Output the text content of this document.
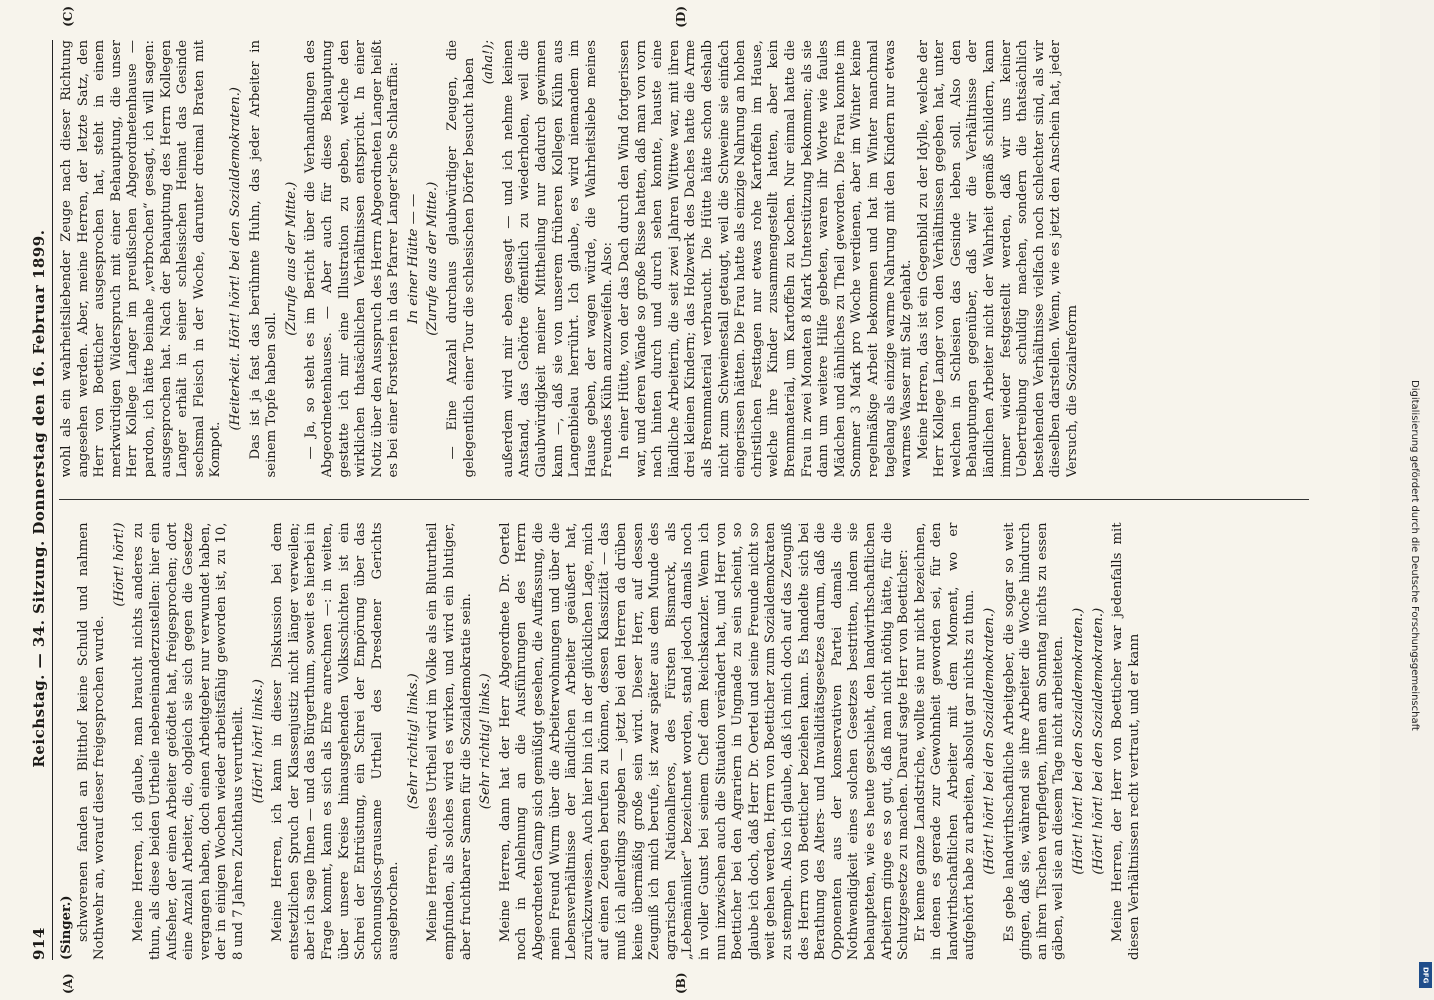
914
Reichstag. — 34. Sitzung. Donnerstag den 16. Februar 1899.
(A)	(B)
(C)	(D)

(Singer.) schworenen fanden an Blitthof keine Schuld und nahmen Nothwehr an, worauf dieser freigesprochen wurde.

(Hört! hört!) Meine Herren, ich glaube, man braucht nichts anderes zu thun, als diese beiden Urtheile nebeneinanderzustellen: hier ein Aufseher, der einen Arbeiter getödtet hat, freigesprochen; dort eine Anzahl Arbeiter, die, obgleich sie sich gegen die Gesetze vergangen haben, doch einen Arbeitgeber nur verwundet haben, der in einigen Wochen wieder arbeitsfähig geworden ist, zu 10, 8 und 7 Jahren Zuchthaus verurtheilt. (Hört! hört! links.) Meine Herren, ich kann in dieser Diskussion bei dem entsetzlichen Spruch der Klassenjustiz nicht länger verweilen; aber ich sage Ihnen — und das Bürgerthum, soweit es hierbei in Frage kommt, kann es sich als Ehre anrechnen —: in weiten, über unsere Kreise hinausgehenden Volksschichten ist ein Schrei der Entrüstung, ein Schrei der Empörung über das schonungslos-grausame Urtheil des Dresdener Gerichts ausgebrochen.

(Sehr richtig! links.) Meine Herren, dieses Urtheil wird im Volke als ein Bluturtheil empfunden, als solches wird es wirken, und wird ein blutiger, aber fruchtbarer Samen für die Sozialdemokratie sein. (Sehr richtig! links.) Meine Herren, dann hat der Herr Abgeordnete Dr. Oertel noch in Anlehnung an die Ausführungen des Herrn Abgeordneten Gamp sich gemüßigt gesehen, die Auffassung, die mein Freund Wurm über die Arbeiterwohnungen und über die Lebensverhältnisse der ländlichen Arbeiter geäußert hat, zurückzuweisen. Auch hier bin ich in der glücklichen Lage, mich auf einen Zeugen berufen zu können, dessen Klassizität — das muß ich allerdings zugeben — jetzt bei den Herren da drüben keine übermäßig große sein wird. Dieser Herr, auf dessen Zeugniß ich mich berufe, ist zwar später aus dem Munde des agrarischen Nationalheros, des Fürsten Bismarck, als „Lebemänniker“ bezeichnet worden, stand jedoch damals noch in voller Gunst bei seinem Chef dem Reichskanzler. Wenn ich nun inzwischen auch die Situation verändert hat, und Herr von Boetticher bei den Agrariern in Ungnade zu sein scheint, so glaube ich doch, daß Herr Dr. Oertel und seine Freunde nicht so weit gehen werden, Herrn von Boetticher zum Sozialdemokraten zu stempeln. Also ich glaube, daß ich mich doch auf das Zeugniß des Herrn von Boetticher beziehen kann. Es handelte sich bei Berathung des Alters- und Invaliditätsgesetzes darum, daß die Opponenten aus der konservativen Partei damals die Nothwendigkeit eines solchen Gesetzes bestritten, indem sie behaupteten, wie es heute geschieht, den landwirthschaftlichen Arbeitern ginge es so gut, daß man nicht nöthig hätte, für die Schutzgesetze zu machen. Darauf sagte Herr von Boetticher: Er kenne ganze Landstriche, wollte sie nur nicht bezeichnen, in denen es gerade zur Gewohnheit geworden sei, für den landwirthschaftlichen Arbeiter mit dem Moment, wo er aufgehört habe zu arbeiten, absolut gar nichts zu thun. (Hört! hört! bei den Sozialdemokraten.) Es gebe landwirthschaftliche Arbeitgeber, die sogar so weit gingen, daß sie, während sie ihre Arbeiter die Woche hindurch an ihren Tischen verpflegten, ihnen am Sonntag nichts zu essen gäben, weil sie an diesem Tage nicht arbeiteten. (Hört! hört! bei den Sozialdemokraten.) (Hört! hört! bei den Sozialdemokraten.) Meine Herren, der Herr von Boetticher war jedenfalls mit diesen Verhältnissen recht vertraut, und er kann

wohl als ein wahrheitsliebender Zeuge nach dieser Richtung angesehen werden. Aber, meine Herren, der letzte Satz, den Herr von Boetticher ausgesprochen hat, steht in einem merkwürdigen Widerspruch mit einer Behauptung, die unser Herr Kollege Langer im preußischen Abgeordnetenhause — pardon, ich hätte beinahe „verbrochen“ gesagt, ich will sagen: ausgesprochen hat. Nach der Behauptung des Herrn Kollegen Langer erhält in seiner schlesischen Heimat das Gesinde sechsmal Fleisch in der Woche, darunter dreimal Braten mit Kompot.

(Heiterkeit. Hört! hört! bei den Sozialdemokraten.) Das ist ja fast das berühmte Huhn, das jeder Arbeiter in seinem Topfe haben soll.

(Zurufe aus der Mitte.) — Ja, so steht es im Bericht über die Verhandlungen des Abgeordnetenhauses. — Aber auch für diese Behauptung gestatte ich mir eine Illustration zu geben, welche den wirklichen thatsächlichen Verhältnissen entspricht. In einer Notiz über den Ausspruch des Herrn Abgeordneten Langer heißt es bei einer Forsterien in das Pfarrer Langer'sche Schlaraffia: In einer Hütte — — (Zurufe aus der Mitte.) — Eine Anzahl durchaus glaubwürdiger Zeugen, die gelegentlich einer Tour die schlesischen Dörfer besucht haben (aha!); außerdem wird mir eben gesagt — und ich nehme keinen Anstand, das Gehörte öffentlich zu wiederholen, weil die Glaubwürdigkeit meiner Mittheilung nur dadurch gewinnen kann —, daß sie von unserem früheren Kollegen Kühn aus Langenbielau herrührt. Ich glaube, es wird niemandem im Hause geben, der wagen würde, die Wahrheitsliebe meines Freundes Kühn anzuzweifeln. Also: In einer Hütte, von der das Dach durch den Wind fortgerissen war, und deren Wände so große Risse hatten, daß man von vorn nach hinten durch und durch sehen konnte, hauste eine ländliche Arbeiterin, die seit zwei Jahren Wittwe war, mit ihren drei kleinen Kindern; das Holzwerk des Daches hatte die Arme als Brennmaterial verbraucht. Die Hütte hätte schon deshalb nicht zum Schweinestall getaugt, weil die Schweine sie einfach eingerissen hätten. Die Frau hatte als einzige Nahrung an hohen christlichen Festtagen nur etwas rohe Kartoffeln im Hause, welche ihre Kinder zusammengestellt hatten, aber kein Brennmaterial, um Kartoffeln zu kochen. Nur einmal hatte die Frau in zwei Monaten 8 Mark Unterstützung bekommen; als sie dann um weitere Hilfe gebeten, waren ihr Worte wie faules Mädchen und ähnliches zu Theil geworden. Die Frau konnte im Sommer 3 Mark pro Woche verdienen, aber im Winter keine regelmäßige Arbeit bekommen und hat im Winter manchmal tagelang als einzige warme Nahrung mit den Kindern nur etwas warmes Wasser mit Salz gehabt. Meine Herren, das ist ein Gegenbild zu der Idylle, welche der Herr Kollege Langer von den Verhältnissen gegeben hat, unter welchen in Schlesien das Gesinde leben soll. Also den Behauptungen gegenüber, daß wir die Verhältnisse der ländlichen Arbeiter nicht der Wahrheit gemäß schildern, kann immer wieder festgestellt werden, daß wir uns keiner Uebertreibung schuldig machen, sondern die thatsächlich bestehenden Verhältnisse vielfach noch schlechter sind, als wir dieselben darstellen. Wenn, wie es jetzt den Anschein hat, jeder Versuch, die Sozialreform	Digitalisierung gefördert durch die Deutsche Forschungsgemeinschaft
DFG
